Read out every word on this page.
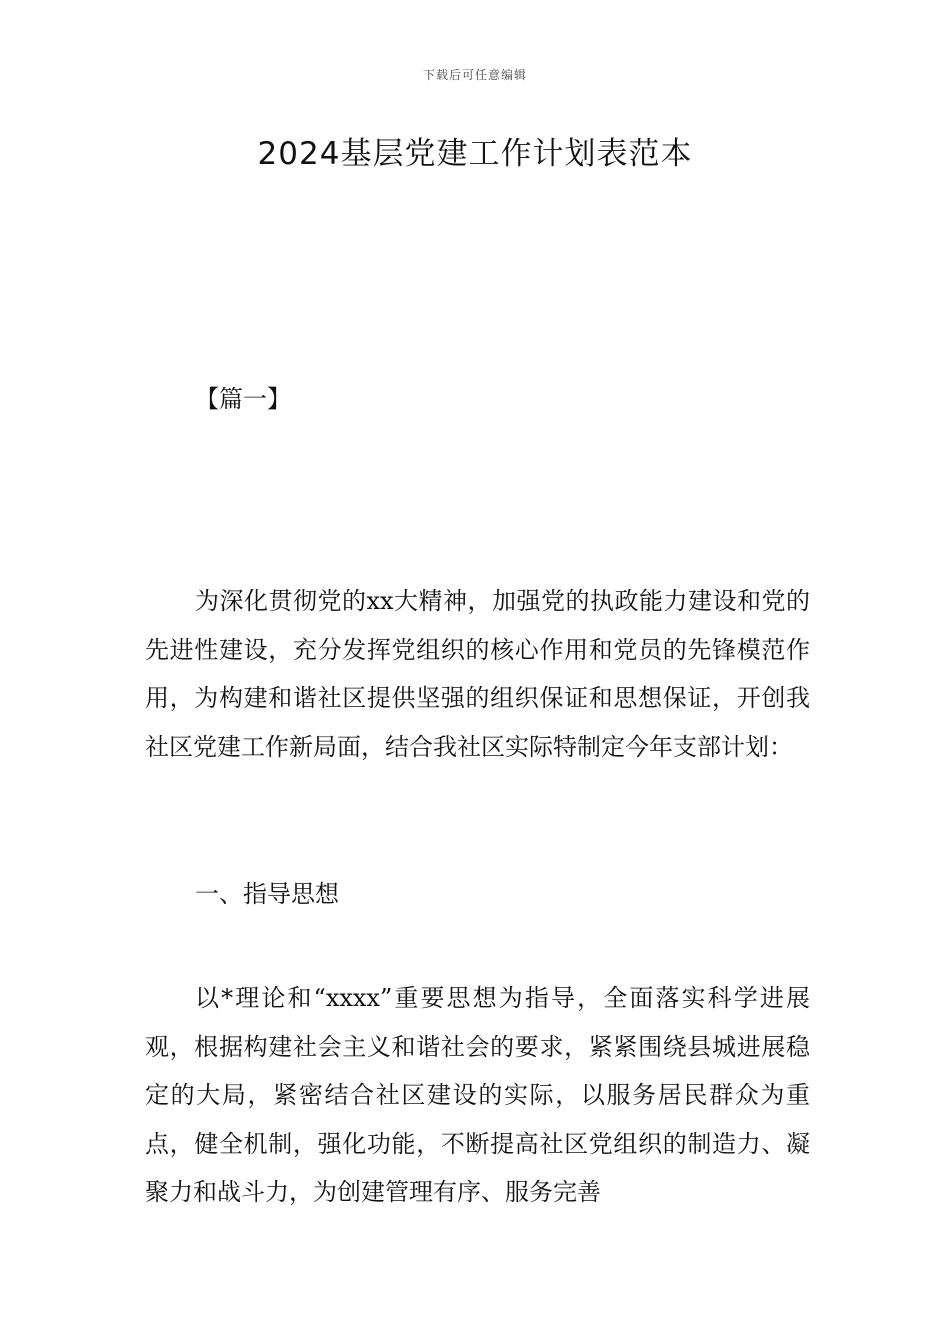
下载后可任意编辑
2024基层党建工作计划表范本
【篇一】

为深化贯彻党的xx大精神，加强党的执政能力建设和党的先进性建设，充分发挥党组织的核心作用和党员的先锋模范作用，为构建和谐社区提供坚强的组织保证和思想保证，开创我社区党建工作新局面，结合我社区实际特制定今年支部计划：

一、指导思想

以*理论和“xxxx”重要思想为指导，全面落实科学进展观，根据构建社会主义和谐社会的要求，紧紧围绕县城进展稳定的大局，紧密结合社区建设的实际，以服务居民群众为重点，健全机制，强化功能，不断提高社区党组织的制造力、凝聚力和战斗力，为创建管理有序、服务完善
